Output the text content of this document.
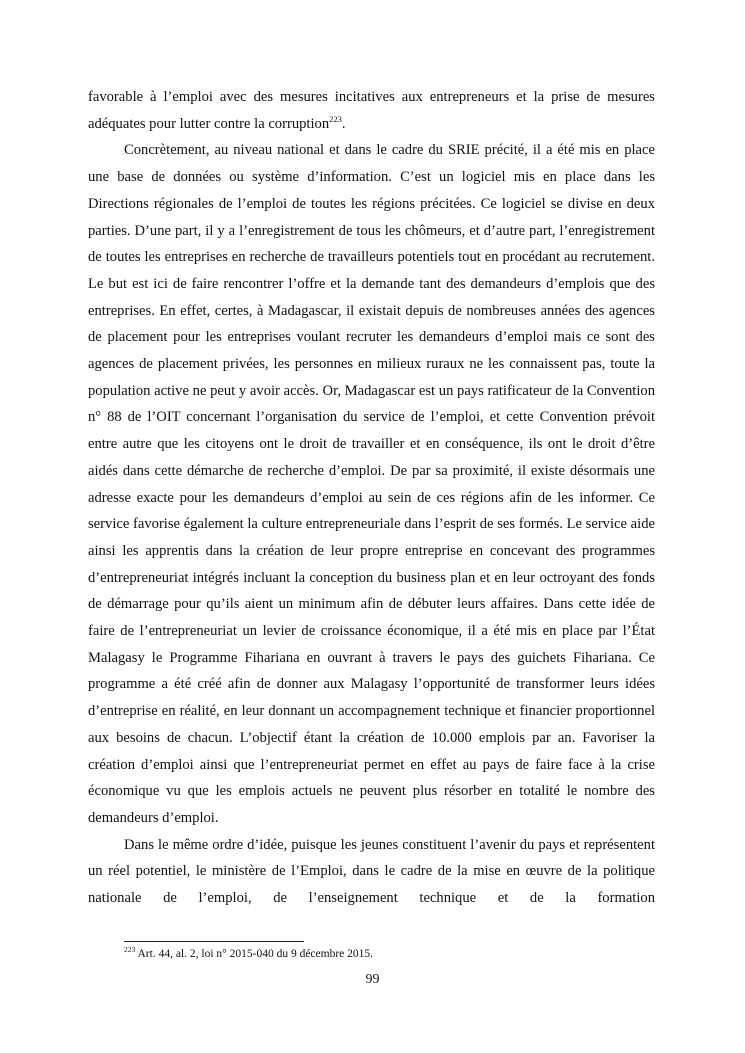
favorable à l’emploi avec des mesures incitatives aux entrepreneurs et la prise de mesures adéquates pour lutter contre la corruption$^{223}$.

Concrètement, au niveau national et dans le cadre du SRIE précité, il a été mis en place une base de données ou système d’information. C’est un logiciel mis en place dans les Directions régionales de l’emploi de toutes les régions précitées. Ce logiciel se divise en deux parties. D’une part, il y a l’enregistrement de tous les chômeurs, et d’autre part, l’enregistrement de toutes les entreprises en recherche de travailleurs potentiels tout en procédant au recrutement. Le but est ici de faire rencontrer l’offre et la demande tant des demandeurs d’emplois que des entreprises. En effet, certes, à Madagascar, il existait depuis de nombreuses années des agences de placement pour les entreprises voulant recruter les demandeurs d’emploi mais ce sont des agences de placement privées, les personnes en milieux ruraux ne les connaissent pas, toute la population active ne peut y avoir accès. Or, Madagascar est un pays ratificateur de la Convention n° 88 de l’OIT concernant l’organisation du service de l’emploi, et cette Convention prévoit entre autre que les citoyens ont le droit de travailler et en conséquence, ils ont le droit d’être aidés dans cette démarche de recherche d’emploi. De par sa proximité, il existe désormais une adresse exacte pour les demandeurs d’emploi au sein de ces régions afin de les informer. Ce service favorise également la culture entrepreneuriale dans l’esprit de ses formés. Le service aide ainsi les apprentis dans la création de leur propre entreprise en concevant des programmes d’entrepreneuriat intégrés incluant la conception du business plan et en leur octroyant des fonds de démarrage pour qu’ils aient un minimum afin de débuter leurs affaires. Dans cette idée de faire de l’entrepreneuriat un levier de croissance économique, il a été mis en place par l’État Malagasy le Programme Fihariana en ouvrant à travers le pays des guichets Fihariana. Ce programme a été créé afin de donner aux Malagasy l’opportunité de transformer leurs idées d’entreprise en réalité, en leur donnant un accompagnement technique et financier proportionnel aux besoins de chacun. L’objectif étant la création de 10.000 emplois par an. Favoriser la création d’emploi ainsi que l’entrepreneuriat permet en effet au pays de faire face à la crise économique vu que les emplois actuels ne peuvent plus résorber en totalité le nombre des demandeurs d’emploi.

Dans le même ordre d’idée, puisque les jeunes constituent l’avenir du pays et représentent un réel potentiel, le ministère de l’Emploi, dans le cadre de la mise en œuvre de la politique nationale de l’emploi, de l’enseignement technique et de la formation

$^{223}$ Art. 44, al. 2, loi n° 2015-040 du 9 décembre 2015.
99
